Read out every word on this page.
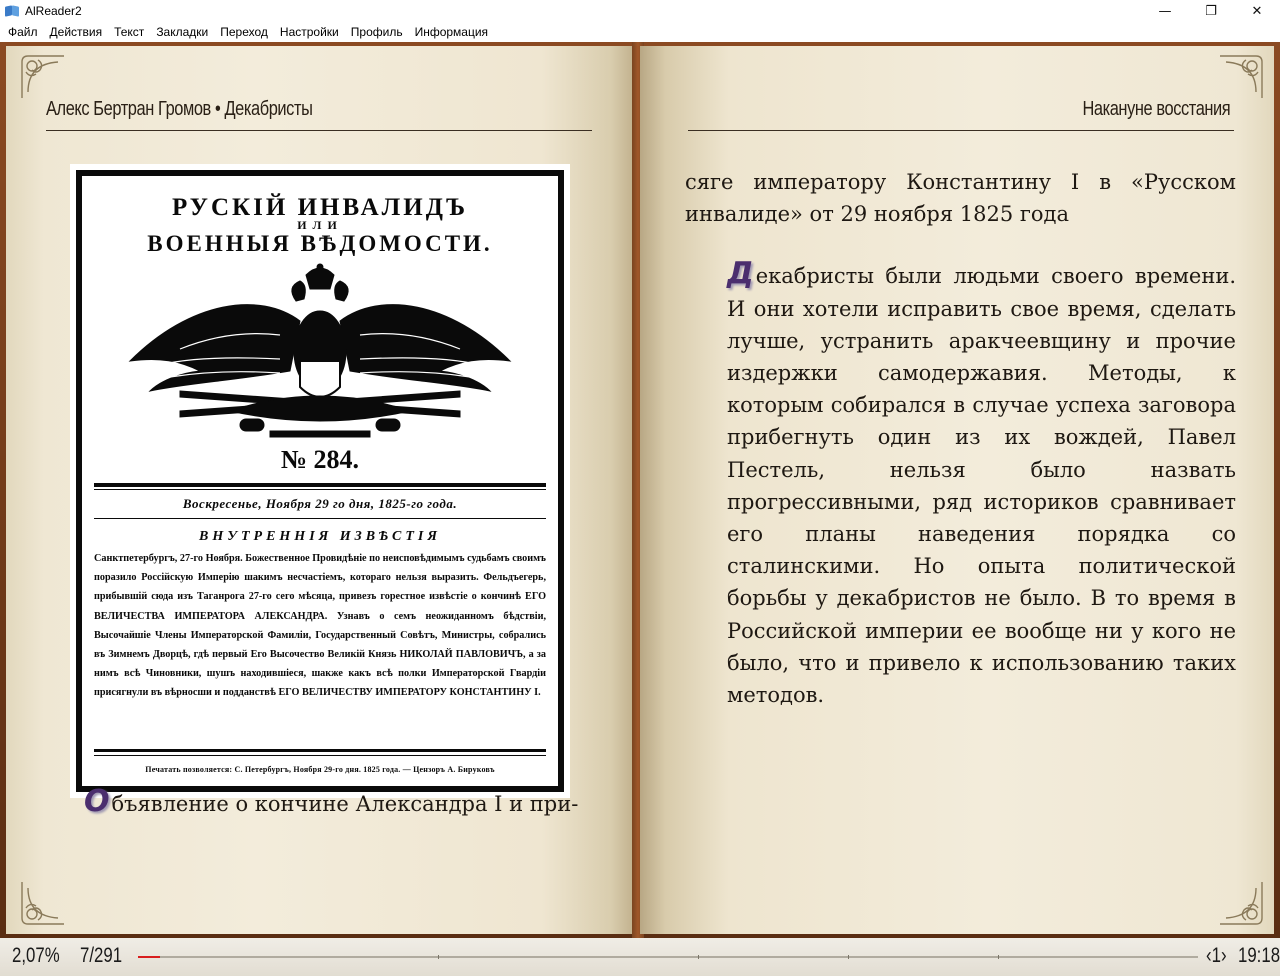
AlReader2	—	❐	✕
Файл	Действия	Текст	Закладки	Переход	Настройки	Профиль	Информация
Алекс Бертран Громов • Декабристы
РУСКІЙ ИНВАЛИДЪ
ИЛИ
ВОЕННЫЯ ВѢДОМОСТИ.
№ 284.
Воскресенье, Ноября 29 го дня, 1825-го года.
ВНУТРЕННІЯ ИЗВѢСТІЯ
Санктпетербургъ, 27-го Ноября. Божественное Провидѣніе по неисповѣдимымъ судьбамъ своимъ поразило Россійскую Имперію шакимъ несчастіемъ, котораго нельзя выразить. Фельдъегерь, прибывшій сюда изъ Таганрога 27-го сего мѣсяца, привезъ горестное извѣстіе о кончинѣ ЕГО ВЕЛИЧЕСТВА ИМПЕРАТОРА АЛЕКСАНДРА. Узнавъ о семъ неожиданномъ бѣдствіи, Высочайшіе Члены Императорской Фамиліи, Государственный Совѣтъ, Министры, собрались въ Зимнемъ Дворцѣ, гдѣ первый Его Высочество Великій Князь НИКОЛАЙ ПАВЛОВИЧЪ, а за нимъ всѣ Чиновники, шушъ находившіеся, шакже какъ всѣ полки Императорской Гвардіи присягнули въ вѣрносши и подданствѣ ЕГО ВЕЛИЧЕСТВУ ИМПЕРАТОРУ КОНСТАНТИНУ I.
Печатать позволяется: С. Петербургъ, Ноября 29-го дня. 1825 года. — Цензоръ А. Бируковъ
Объявление о кончине Александра I и при-
Накануне восстания
сяге императору Константину I в «Русском инвалиде» от 29 ноября 1825 года
Декабристы были людьми своего времени. И они хотели исправить свое время, сделать лучше, устранить аракчеевщину и прочие издержки самодержавия. Методы, к которым собирался в случае успеха заговора прибегнуть один из их вождей, Павел Пестель, нельзя было назвать прогрессивными, ряд историков сравнивает его планы наведения порядка со сталинскими. Но опыта политической борьбы у декабристов не было. В то время в Российской империи ее вообще ни у кого не было, что и привело к использованию таких методов.
2,07% 7/291	‹1› 19:18
